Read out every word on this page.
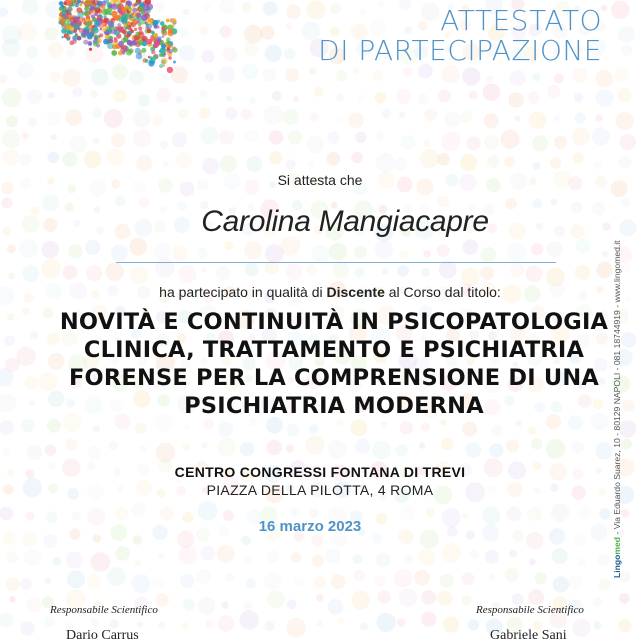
ATTESTATO
DI PARTECIPAZIONE
Si attesta che
Carolina Mangiacapre
ha partecipato in qualità di Discente al Corso dal titolo:
NOVITÀ E CONTINUITÀ IN PSICOPATOLOGIA
CLINICA, TRATTAMENTO E PSICHIATRIA
FORENSE PER LA COMPRENSIONE DI UNA
PSICHIATRIA MODERNA
CENTRO CONGRESSI FONTANA DI TREVI
PIAZZA DELLA PILOTTA, 4 ROMA
16 marzo 2023
Lingomed - Via Eduardo Suarez, 10 - 80129 NAPOLI - 081 18744919 - www.lingomed.it
Responsabile Scientifico
Dario Carrus
Responsabile Scientifico
Gabriele Sani
